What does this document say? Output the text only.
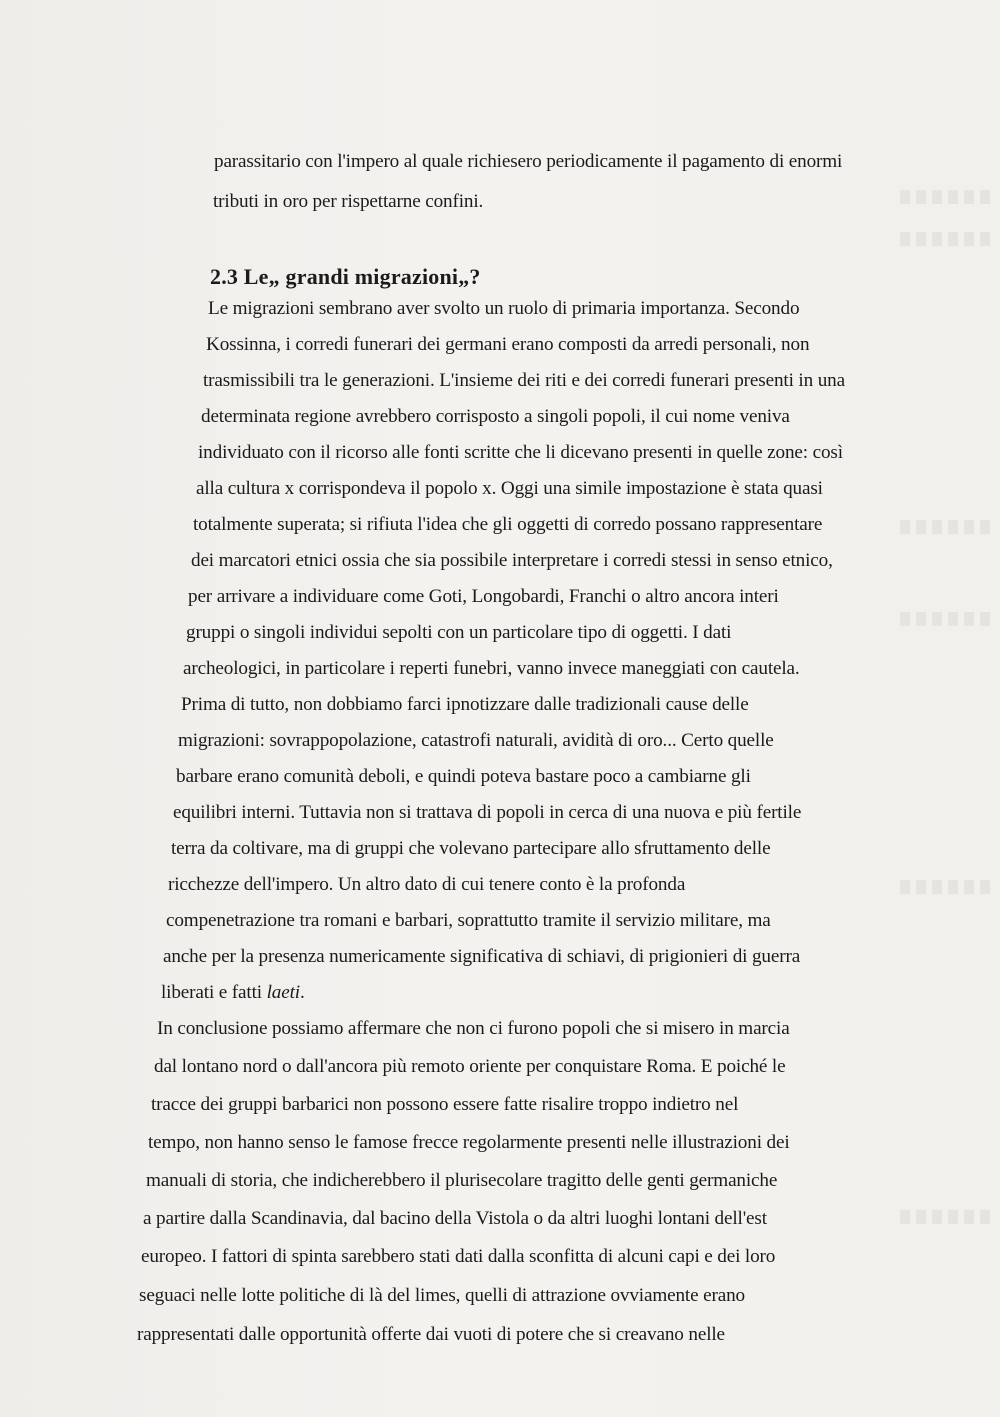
parassitario con l'impero al quale richiesero periodicamente il pagamento di enormi
tributi in oro per rispettarne confini.
2.3 Le„ grandi migrazioni„?
Le migrazioni sembrano aver svolto un ruolo di primaria importanza. Secondo
Kossinna, i corredi funerari dei germani erano composti da arredi personali, non
trasmissibili tra le generazioni. L'insieme dei riti e dei corredi funerari presenti in una
determinata regione avrebbero corrisposto a singoli popoli, il cui nome veniva
individuato con il ricorso alle fonti scritte che li dicevano presenti in quelle zone: così
alla cultura x corrispondeva il popolo x. Oggi una simile impostazione è stata quasi
totalmente superata; si rifiuta l'idea che gli oggetti di corredo possano rappresentare
dei marcatori etnici ossia che sia possibile interpretare i corredi stessi in senso etnico,
per arrivare a individuare come Goti, Longobardi, Franchi o altro ancora interi
gruppi o singoli individui sepolti con un particolare tipo di oggetti. I dati
archeologici, in particolare i reperti funebri, vanno invece maneggiati con cautela.
Prima di tutto, non dobbiamo farci ipnotizzare dalle tradizionali cause delle
migrazioni: sovrappopolazione, catastrofi naturali, avidità di oro... Certo quelle
barbare erano comunità deboli, e quindi poteva bastare poco a cambiarne gli
equilibri interni. Tuttavia non si trattava di popoli in cerca di una nuova e più fertile
terra da coltivare, ma di gruppi che volevano partecipare allo sfruttamento delle
ricchezze dell'impero. Un altro dato di cui tenere conto è la profonda
compenetrazione tra romani e barbari, soprattutto tramite il servizio militare, ma
anche per la presenza numericamente significativa di schiavi, di prigionieri di guerra
liberati e fatti laeti.
In conclusione possiamo affermare che non ci furono popoli che si misero in marcia
dal lontano nord o dall'ancora più remoto oriente per conquistare Roma. E poiché le
tracce dei gruppi barbarici non possono essere fatte risalire troppo indietro nel
tempo, non hanno senso le famose frecce regolarmente presenti nelle illustrazioni dei
manuali di storia, che indicherebbero il plurisecolare tragitto delle genti germaniche
a partire dalla Scandinavia, dal bacino della Vistola o da altri luoghi lontani dell'est
europeo. I fattori di spinta sarebbero stati dati dalla sconfitta di alcuni capi e dei loro
seguaci nelle lotte politiche di là del limes, quelli di attrazione ovviamente erano
rappresentati dalle opportunità offerte dai vuoti di potere che si creavano nelle
